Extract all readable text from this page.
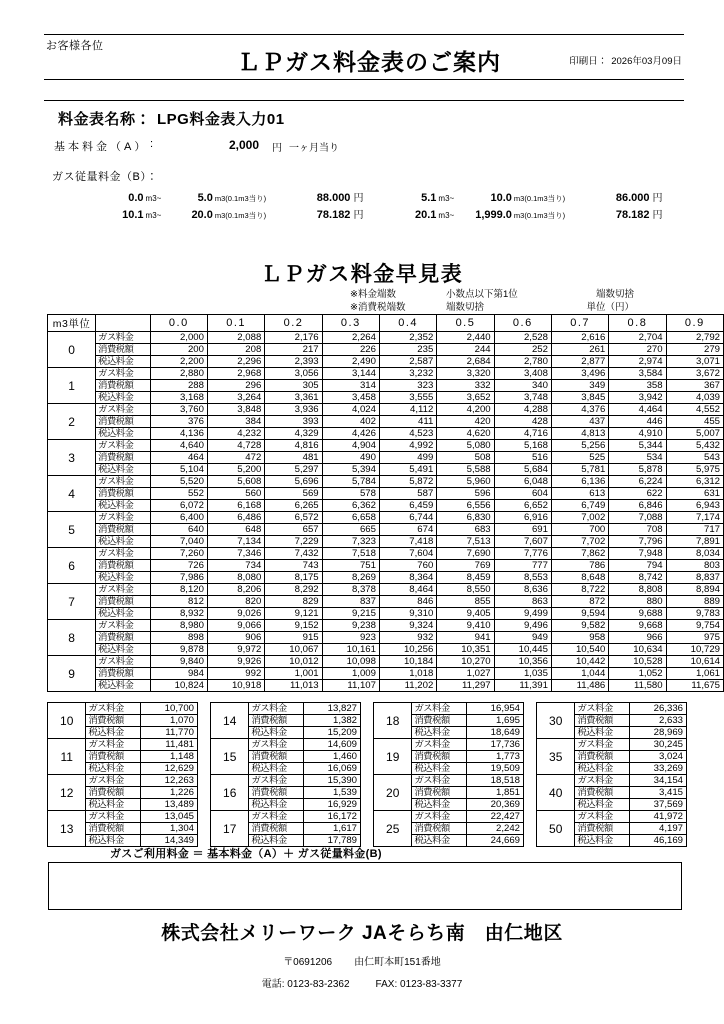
お客様各位
ＬＰガス料金表のご案内	印刷日： 2026年03月09日
料金表名称： LPG料金表入力01
基本料金（A） :	2,000 円 一ヶ月当り
ガス従量料金（B）：
0.0	m3~	5.0	m3(0.1m3当り)	88.000	円	5.1	m3~	10.0	m3(0.1m3当り)	86.000	円
10.1	m3~	20.0	m3(0.1m3当り)	78.182	円	20.1	m3~	1,999.0	m3(0.1m3当り)	78.182	円
ＬＰガス料金早見表
※料金端数	小数点以下第1位	端数切捨
※消費税端数	端数切捨	単位（円）
m3単位		0.0	0.1	0.2	0.3	0.4	0.5	0.6	0.7	0.8	0.9
0	ガス料金	2,000	2,088	2,176	2,264	2,352	2,440	2,528	2,616	2,704	2,792
	消費税額	200	208	217	226	235	244	252	261	270	279
	税込料金	2,200	2,296	2,393	2,490	2,587	2,684	2,780	2,877	2,974	3,071
1	ガス料金	2,880	2,968	3,056	3,144	3,232	3,320	3,408	3,496	3,584	3,672
	消費税額	288	296	305	314	323	332	340	349	358	367
	税込料金	3,168	3,264	3,361	3,458	3,555	3,652	3,748	3,845	3,942	4,039
2	ガス料金	3,760	3,848	3,936	4,024	4,112	4,200	4,288	4,376	4,464	4,552
	消費税額	376	384	393	402	411	420	428	437	446	455
	税込料金	4,136	4,232	4,329	4,426	4,523	4,620	4,716	4,813	4,910	5,007
3	ガス料金	4,640	4,728	4,816	4,904	4,992	5,080	5,168	5,256	5,344	5,432
	消費税額	464	472	481	490	499	508	516	525	534	543
	税込料金	5,104	5,200	5,297	5,394	5,491	5,588	5,684	5,781	5,878	5,975
4	ガス料金	5,520	5,608	5,696	5,784	5,872	5,960	6,048	6,136	6,224	6,312
	消費税額	552	560	569	578	587	596	604	613	622	631
	税込料金	6,072	6,168	6,265	6,362	6,459	6,556	6,652	6,749	6,846	6,943
5	ガス料金	6,400	6,486	6,572	6,658	6,744	6,830	6,916	7,002	7,088	7,174
	消費税額	640	648	657	665	674	683	691	700	708	717
	税込料金	7,040	7,134	7,229	7,323	7,418	7,513	7,607	7,702	7,796	7,891
6	ガス料金	7,260	7,346	7,432	7,518	7,604	7,690	7,776	7,862	7,948	8,034
	消費税額	726	734	743	751	760	769	777	786	794	803
	税込料金	7,986	8,080	8,175	8,269	8,364	8,459	8,553	8,648	8,742	8,837
7	ガス料金	8,120	8,206	8,292	8,378	8,464	8,550	8,636	8,722	8,808	8,894
	消費税額	812	820	829	837	846	855	863	872	880	889
	税込料金	8,932	9,026	9,121	9,215	9,310	9,405	9,499	9,594	9,688	9,783
8	ガス料金	8,980	9,066	9,152	9,238	9,324	9,410	9,496	9,582	9,668	9,754
	消費税額	898	906	915	923	932	941	949	958	966	975
	税込料金	9,878	9,972	10,067	10,161	10,256	10,351	10,445	10,540	10,634	10,729
9	ガス料金	9,840	9,926	10,012	10,098	10,184	10,270	10,356	10,442	10,528	10,614
	消費税額	984	992	1,001	1,009	1,018	1,027	1,035	1,044	1,052	1,061
	税込料金	10,824	10,918	11,013	11,107	11,202	11,297	11,391	11,486	11,580	11,675
10	ガス料金	10,700
	消費税額	1,070
	税込料金	11,770
11	ガス料金	11,481
	消費税額	1,148
	税込料金	12,629
12	ガス料金	12,263
	消費税額	1,226
	税込料金	13,489
13	ガス料金	13,045
	消費税額	1,304
	税込料金	14,349
14	ガス料金	13,827
	消費税額	1,382
	税込料金	15,209
15	ガス料金	14,609
	消費税額	1,460
	税込料金	16,069
16	ガス料金	15,390
	消費税額	1,539
	税込料金	16,929
17	ガス料金	16,172
	消費税額	1,617
	税込料金	17,789
18	ガス料金	16,954
	消費税額	1,695
	税込料金	18,649
19	ガス料金	17,736
	消費税額	1,773
	税込料金	19,509
20	ガス料金	18,518
	消費税額	1,851
	税込料金	20,369
25	ガス料金	22,427
	消費税額	2,242
	税込料金	24,669
30	ガス料金	26,336
	消費税額	2,633
	税込料金	28,969
35	ガス料金	30,245
	消費税額	3,024
	税込料金	33,269
40	ガス料金	34,154
	消費税額	3,415
	税込料金	37,569
50	ガス料金	41,972
	消費税額	4,197
	税込料金	46,169
ガスご利用料金 ＝ 基本料金（A）＋ ガス従量料金(B)
株式会社メリーワーク JAそらち南　由仁地区
〒0691206 由仁町本町151番地
電話: 0123-83-2362	FAX: 0123-83-3377
